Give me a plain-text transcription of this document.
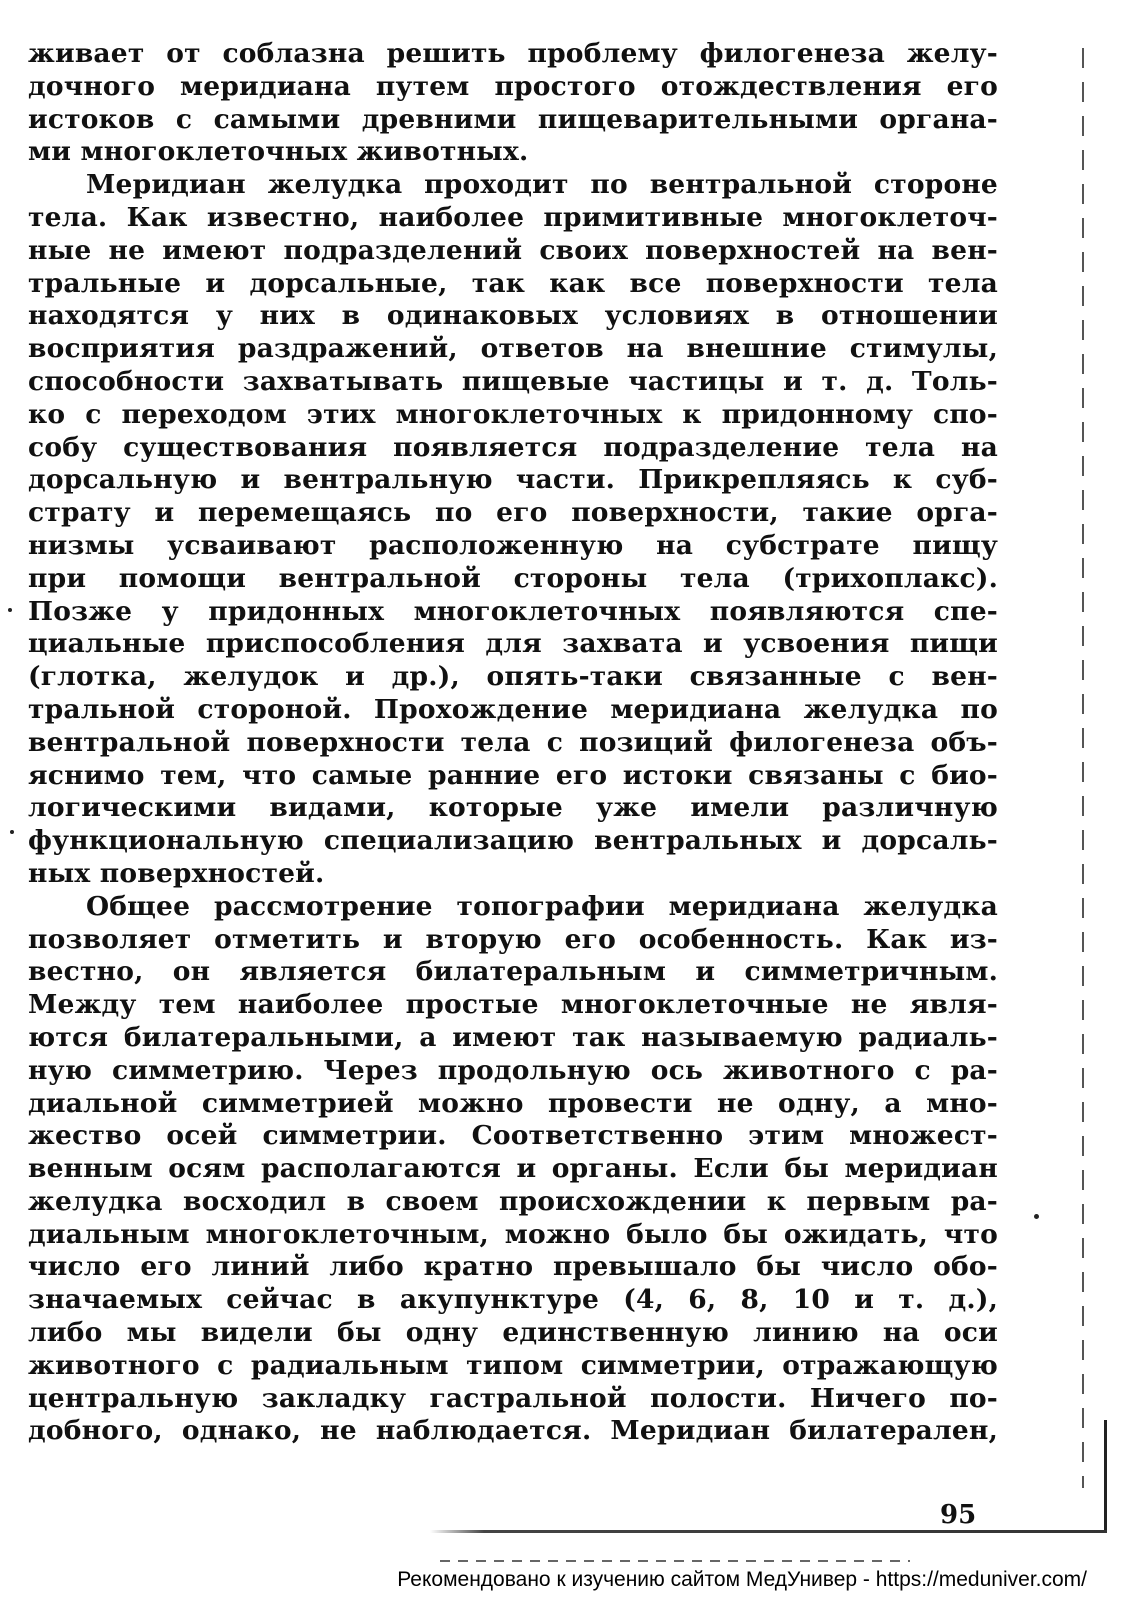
живает от соблазна решить проблему филогенеза желу-
дочного меридиана путем простого отождествления его
истоков с самыми древними пищеварительными органа-
ми многоклеточных животных.
Меридиан желудка проходит по вентральной стороне
тела. Как известно, наиболее примитивные многоклеточ-
ные не имеют подразделений своих поверхностей на вен-
тральные и дорсальные, так как все поверхности тела
находятся у них в одинаковых условиях в отношении
восприятия раздражений, ответов на внешние стимулы,
способности захватывать пищевые частицы и т. д. Толь-
ко с переходом этих многоклеточных к придонному спо-
собу существования появляется подразделение тела на
дорсальную и вентральную части. Прикрепляясь к суб-
страту и перемещаясь по его поверхности, такие орга-
низмы усваивают расположенную на субстрате пищу
при помощи вентральной стороны тела (трихоплакс).
Позже у придонных многоклеточных появляются спе-
циальные приспособления для захвата и усвоения пищи
(глотка, желудок и др.), опять-таки связанные с вен-
тральной стороной. Прохождение меридиана желудка по
вентральной поверхности тела с позиций филогенеза объ-
яснимо тем, что самые ранние его истоки связаны с био-
логическими видами, которые уже имели различную
функциональную специализацию вентральных и дорсаль-
ных поверхностей.
Общее рассмотрение топографии меридиана желудка
позволяет отметить и вторую его особенность. Как из-
вестно, он является билатеральным и симметричным.
Между тем наиболее простые многоклеточные не явля-
ются билатеральными, а имеют так называемую радиаль-
ную симметрию. Через продольную ось животного с ра-
диальной симметрией можно провести не одну, а мно-
жество осей симметрии. Соответственно этим множест-
венным осям располагаются и органы. Если бы меридиан
желудка восходил в своем происхождении к первым ра-
диальным многоклеточным, можно было бы ожидать, что
число его линий либо кратно превышало бы число обо-
значаемых сейчас в акупунктуре (4, 6, 8, 10 и т. д.),
либо мы видели бы одну единственную линию на оси
животного с радиальным типом симметрии, отражающую
центральную закладку гастральной полости. Ничего по-
добного, однако, не наблюдается. Меридиан билатерален,
95
Рекомендовано к изучению сайтом МедУнивер - https://meduniver.com/
